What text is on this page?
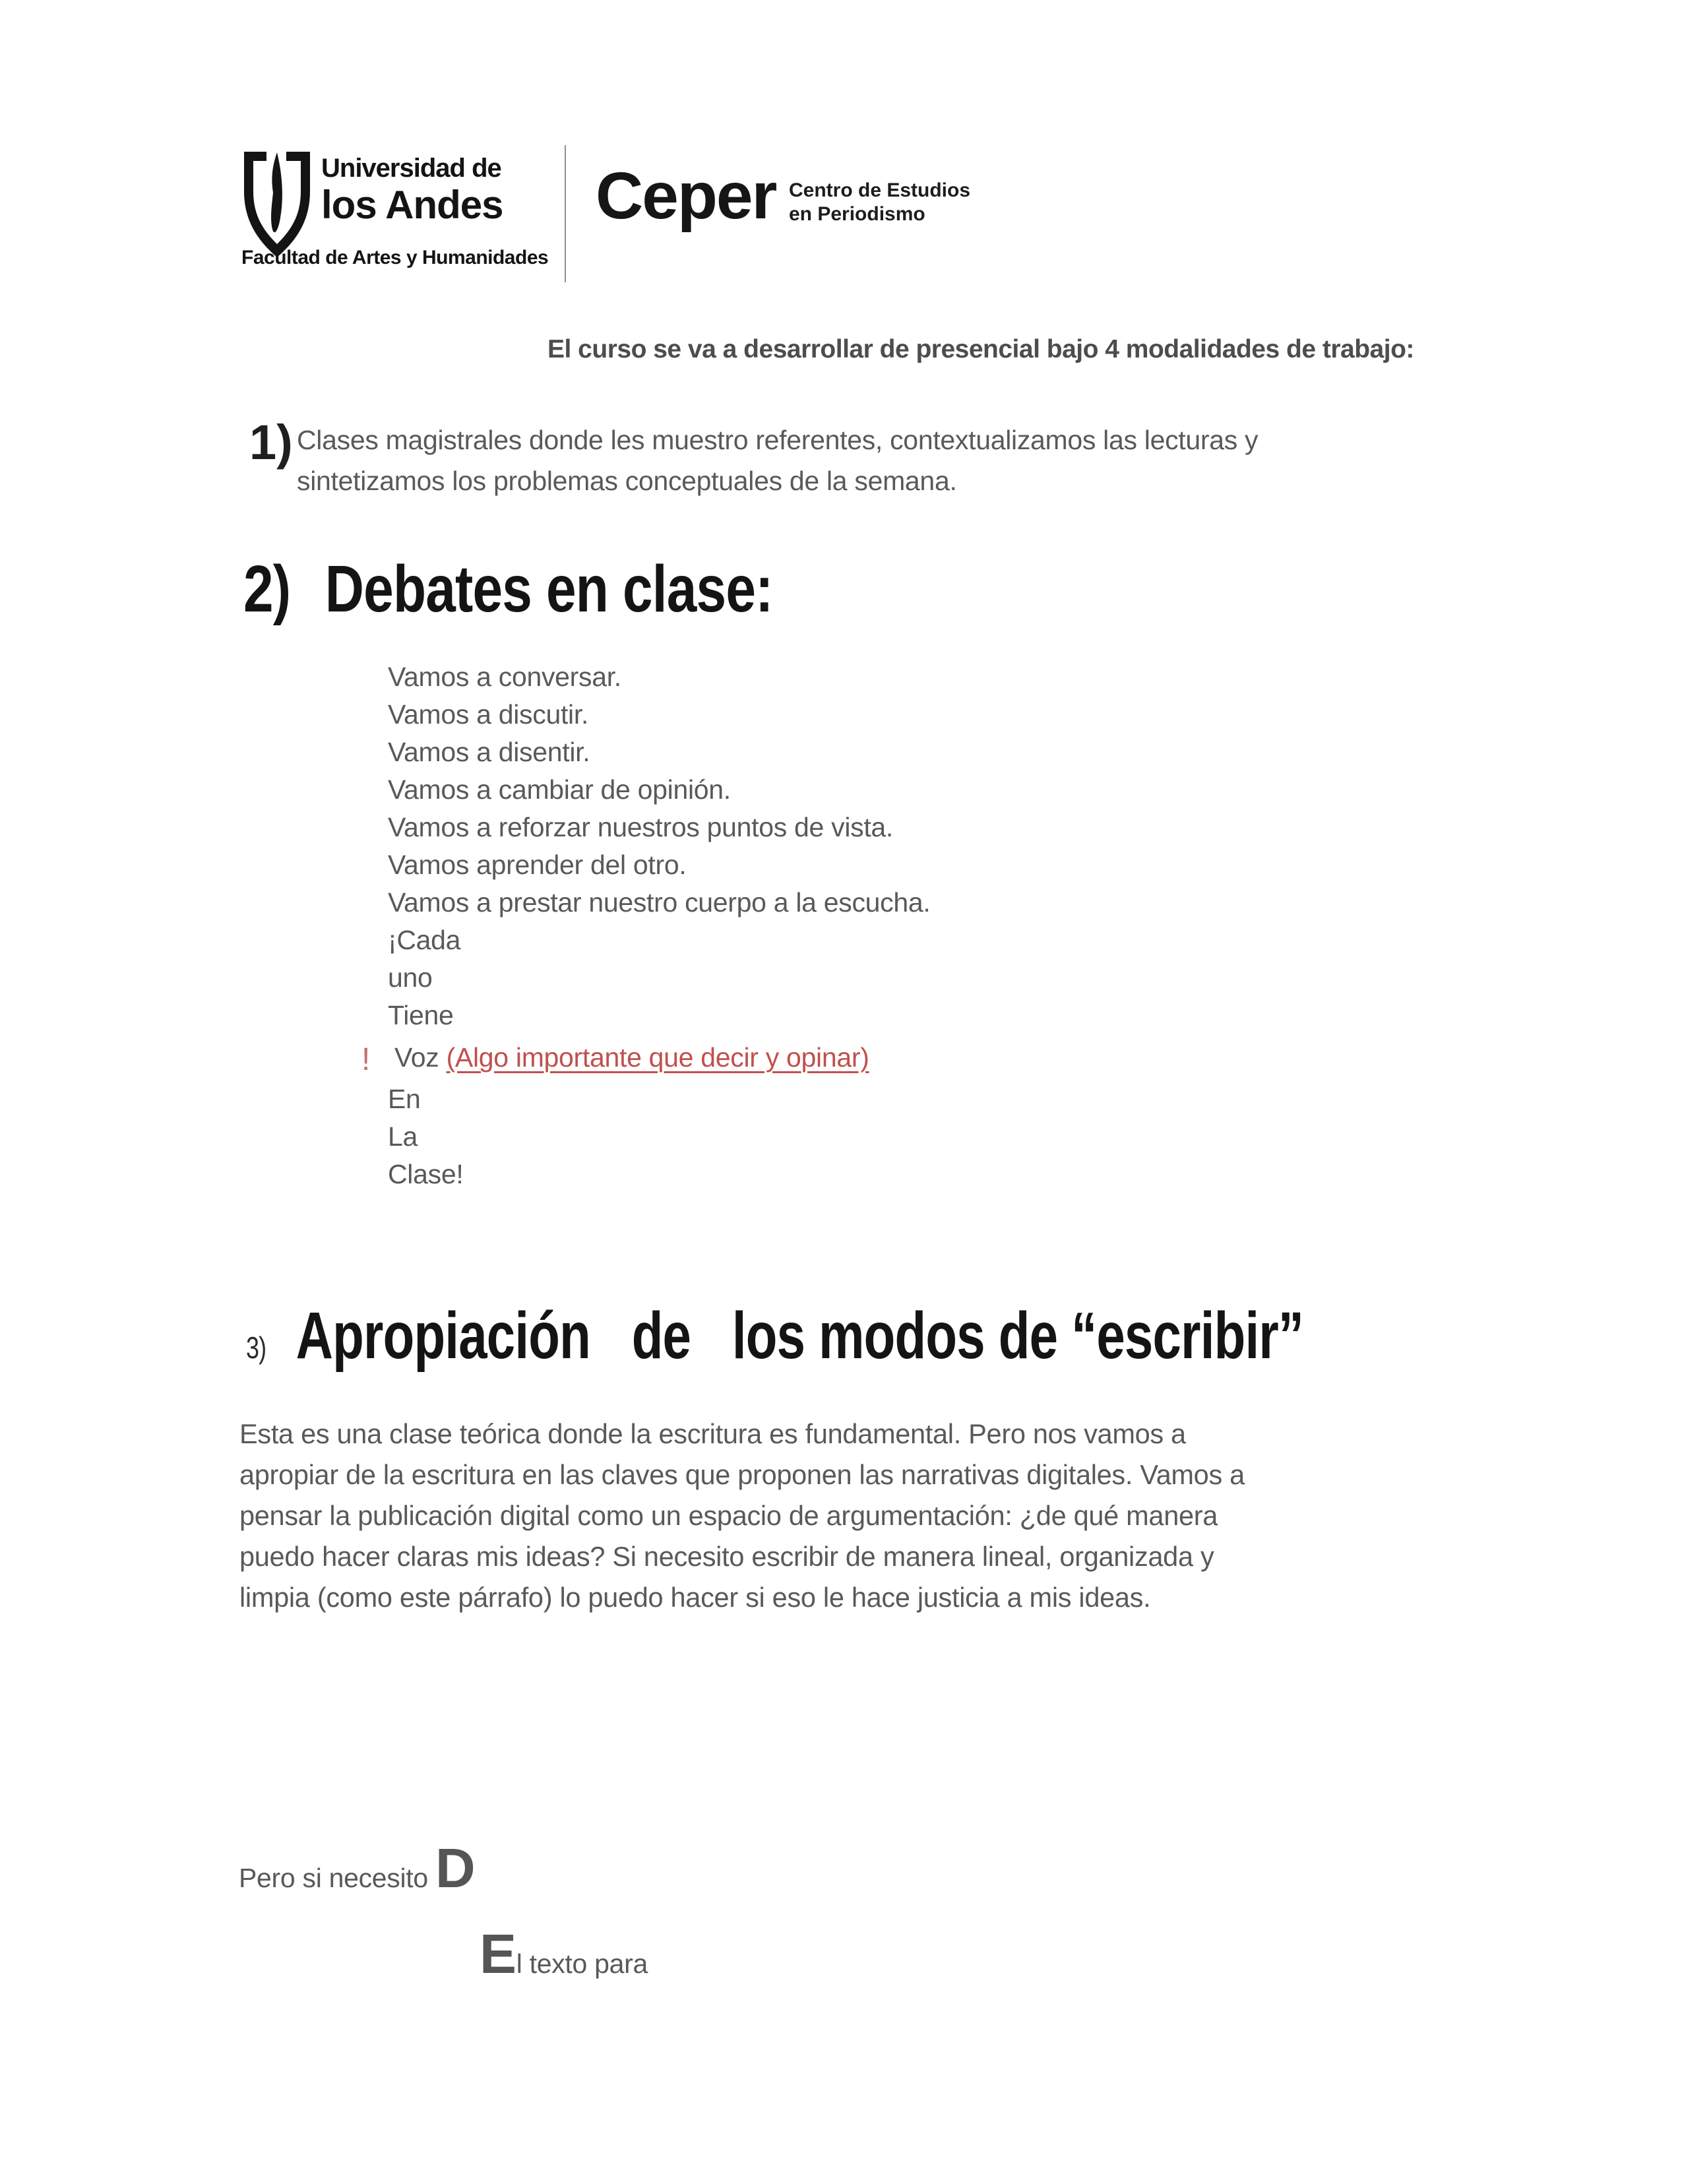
Universidad de
los Andes
Facultad de Artes y Humanidades
Ceper Centro de Estudios
en Periodismo
El curso se va a desarrollar de presencial bajo 4 modalidades de trabajo:
1) Clases magistrales donde les muestro referentes, contextualizamos las lecturas y
sintetizamos los problemas conceptuales de la semana.
2) Debates en clase:
Vamos a conversar.
Vamos a discutir.
Vamos a disentir.
Vamos a cambiar de opinión.
Vamos a reforzar nuestros puntos de vista.
Vamos aprender del otro.
Vamos a prestar nuestro cuerpo a la escucha.
¡Cada
uno
Tiene
! Voz (Algo importante que decir y opinar)
En
La
Clase!
3) Apropiación   de   los modos de “escribir”
Esta es una clase teórica donde la escritura es fundamental. Pero nos vamos a
apropiar de la escritura en las claves que proponen las narrativas digitales. Vamos a
pensar la publicación digital como un espacio de argumentación: ¿de qué manera
puedo hacer claras mis ideas? Si necesito escribir de manera lineal, organizada y
limpia (como este párrafo) lo puedo hacer si eso le hace justicia a mis ideas.
Pero si necesito D
El texto para
